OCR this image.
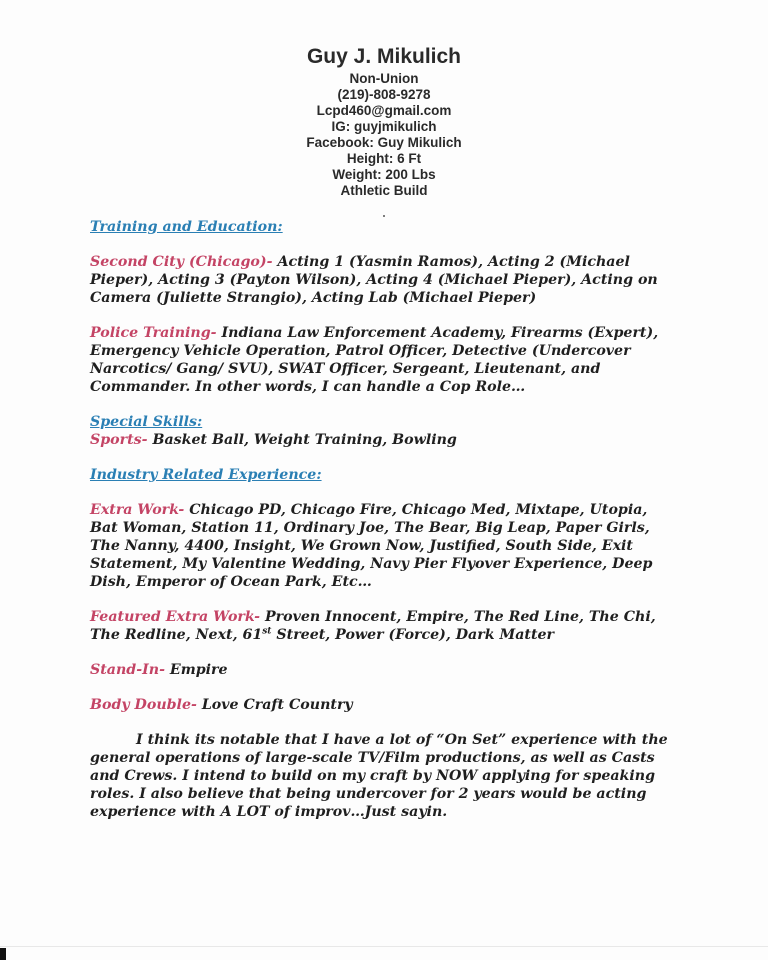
Guy J. Mikulich
Non-Union
(219)-808-9278
Lcpd460@gmail.com
IG: guyjmikulich
Facebook: Guy Mikulich
Height: 6 Ft
Weight: 200 Lbs
Athletic Build
Training and Education:

Second City (Chicago)- Acting 1 (Yasmin Ramos), Acting 2 (Michael Pieper), Acting 3 (Payton Wilson), Acting 4 (Michael Pieper), Acting on Camera (Juliette Strangio), Acting Lab (Michael Pieper)

Police Training- Indiana Law Enforcement Academy, Firearms (Expert), Emergency Vehicle Operation, Patrol Officer, Detective (Undercover Narcotics/ Gang/ SVU), SWAT Officer, Sergeant, Lieutenant, and Commander. In other words, I can handle a Cop Role…

Special Skills:

Sports- Basket Ball, Weight Training, Bowling

Industry Related Experience:

Extra Work- Chicago PD, Chicago Fire, Chicago Med, Mixtape, Utopia, Bat Woman, Station 11, Ordinary Joe, The Bear, Big Leap, Paper Girls, The Nanny, 4400, Insight, We Grown Now, Justified, South Side, Exit Statement, My Valentine Wedding, Navy Pier Flyover Experience, Deep Dish, Emperor of Ocean Park, Etc…

Featured Extra Work- Proven Innocent, Empire, The Red Line, The Chi, The Redline, Next, 61st Street, Power (Force), Dark Matter

Stand-In- Empire

Body Double- Love Craft Country

I think its notable that I have a lot of “On Set” experience with the general operations of large-scale TV/Film productions, as well as Casts and Crews. I intend to build on my craft by NOW applying for speaking roles. I also believe that being undercover for 2 years would be acting experience with A LOT of improv…Just sayin.
